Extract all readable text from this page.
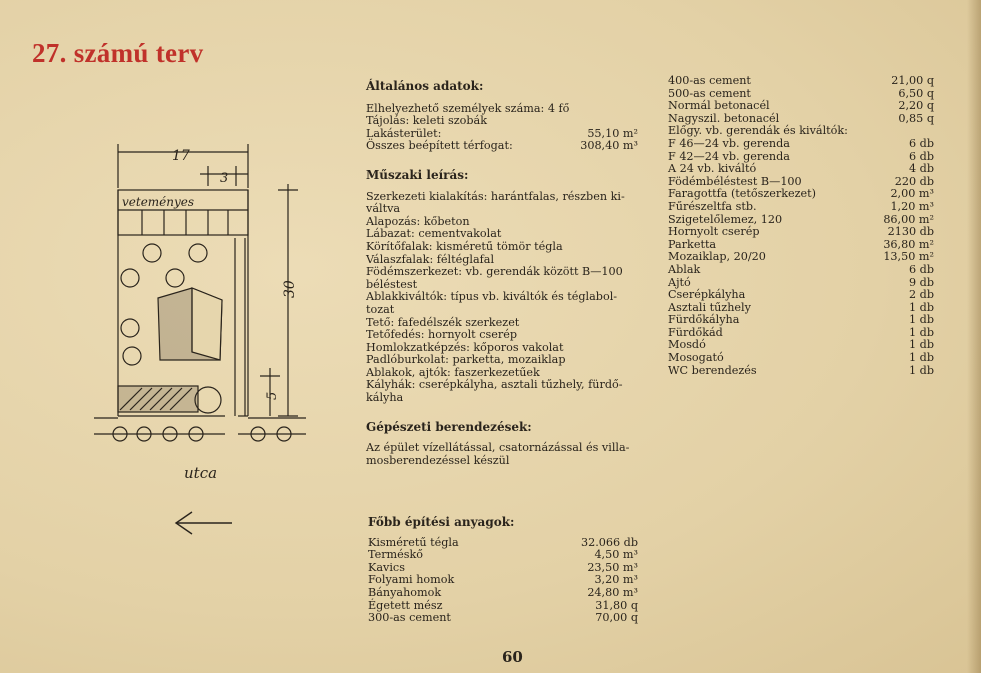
27. számú terv
17
3
30
5
veteményes
utca

Általános adatok:

Elhelyezhető személyek száma: 4 fő

Tájolás: keleti szobák

Lakásterület:	55,10 m²
Összes beépített térfogat:	308,40 m³

Műszaki leírás:

Szerkezeti kialakítás: harántfalas, részben ki-

váltva

Alapozás: kőbeton

Lábazat: cementvakolat

Körítőfalak: kisméretű tömör tégla

Válaszfalak: féltéglafal

Födémszerkezet: vb. gerendák között B—100

béléstest

Ablakkiváltók: típus vb. kiváltók és téglabol-

tozat

Tető: fafedélszék szerkezet

Tetőfedés: hornyolt cserép

Homlokzatképzés: kőporos vakolat

Padlóburkolat: parketta, mozaiklap

Ablakok, ajtók: faszerkezetűek

Kályhák: cserépkályha, asztali tűzhely, fürdő-

kályha

Gépészeti berendezések:

Az épület vízellátással, csatornázással és villa-

mosberendezéssel készül

Főbb építési anyagok:

Kisméretű tégla	32.066 db
Terméskő	4,50 m³
Kavics	23,50 m³
Folyami homok	3,20 m³
Bányahomok	24,80 m³
Égetett mész	31,80 q
300-as cement	70,00 q
400-as cement	21,00 q
500-as cement	6,50 q
Normál betonacél	2,20 q
Nagyszil. betonacél	0,85 q
Előgy. vb. gerendák és kiváltók:
F 46—24 vb. gerenda	6 db
F 42—24 vb. gerenda	6 db
A 24 vb. kiváltó	4 db
Födémbéléstest B—100	220 db
Faragottfa (tetőszerkezet)	2,00 m³
Fűrészeltfa stb.	1,20 m³
Szigetelőlemez, 120	86,00 m²
Hornyolt cserép	2130 db
Parketta	36,80 m²
Mozaiklap, 20/20	13,50 m²
Ablak	6 db
Ajtó	9 db
Cserépkályha	2 db
Asztali tűzhely	1 db
Fürdőkályha	1 db
Fürdőkád	1 db
Mosdó	1 db
Mosogató	1 db
WC berendezés	1 db
60
